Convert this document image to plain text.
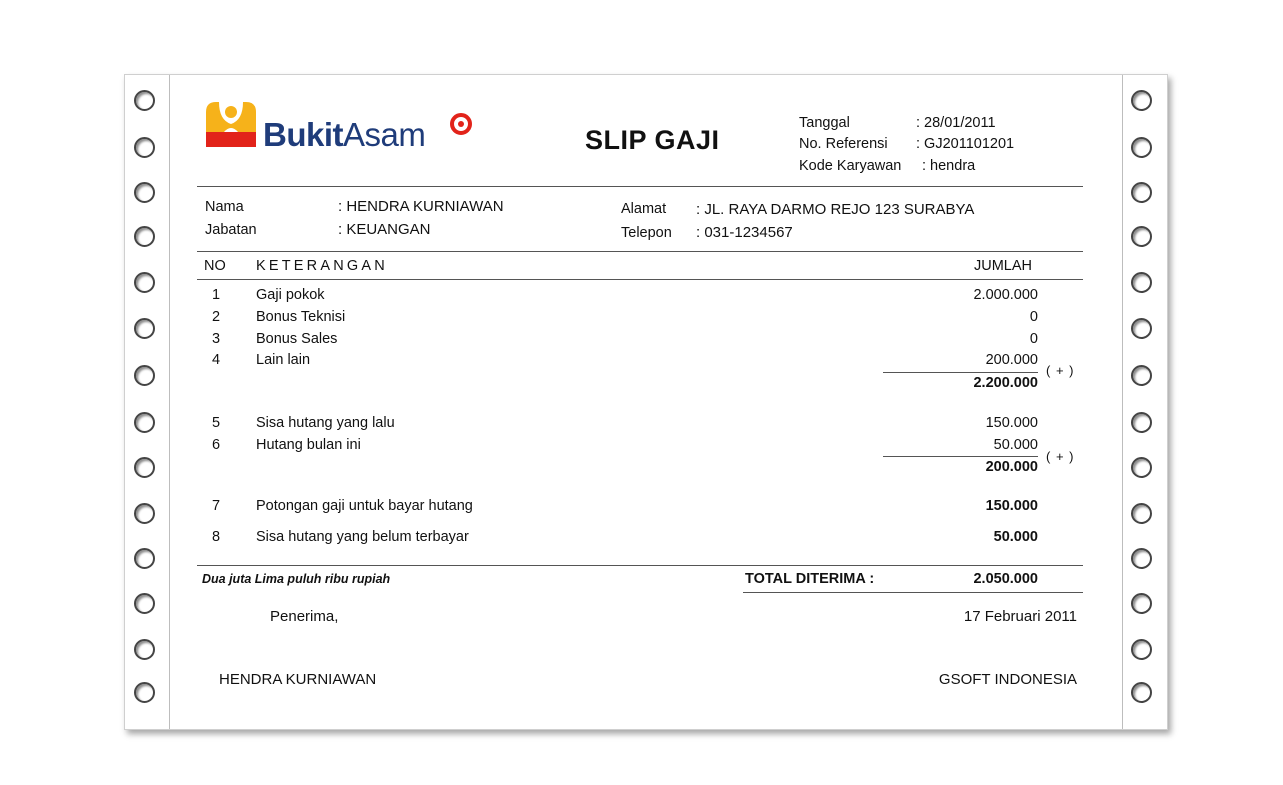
BukitAsam	SLIP GAJI
Tanggal	: 28/01/2011
No. Referensi : GJ201101201
Kode Karyawan : hendra
Nama	: HENDRA KURNIAWAN
Jabatan	: KEUANGAN
Alamat : JL. RAYA DARMO REJO 123 SURABYA
Telepon : 031-1234567
NO KETERANGAN	JUMLAH
1 Gaji pokok	2.000.000
2 Bonus Teknisi	0
3 Bonus Sales	0
4 Lain lain	200.000
2.200.000
( + )
5 Sisa hutang yang lalu	150.000
6 Hutang bulan ini	50.000
200.000
( + )
7 Potongan gaji untuk bayar hutang	150.000
8 Sisa hutang yang belum terbayar	50.000
Dua juta Lima puluh ribu rupiah	TOTAL DITERIMA :	2.050.000
Penerima,	17 Februari 2011
HENDRA KURNIAWAN	GSOFT INDONESIA
